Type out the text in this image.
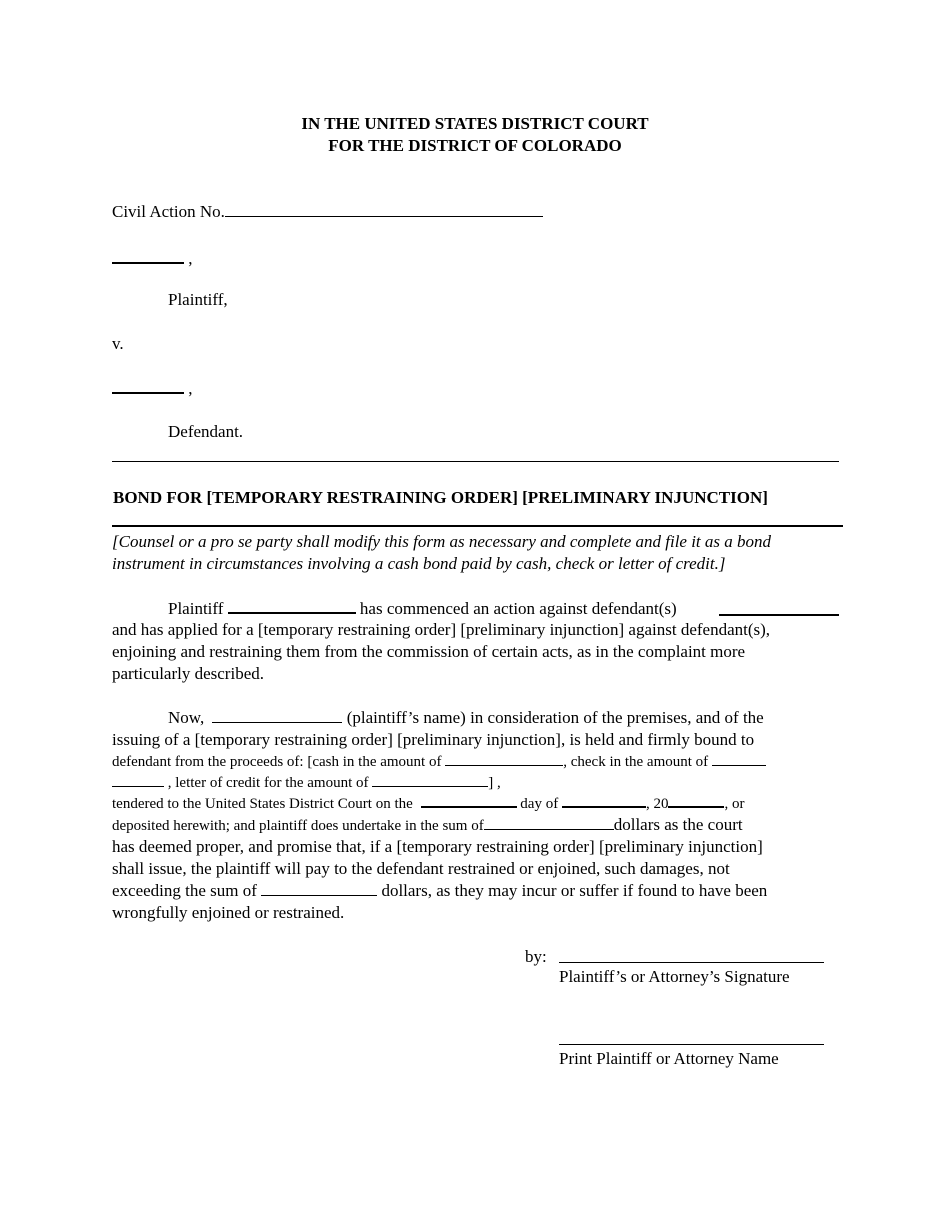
IN THE UNITED STATES DISTRICT COURT
FOR THE DISTRICT OF COLORADO
Civil Action No.
,
Plaintiff,
v.
,
Defendant.
BOND FOR [TEMPORARY RESTRAINING ORDER] [PRELIMINARY INJUNCTION]
[Counsel or a pro se party shall modify this form as necessary and complete and file it as a bond
instrument in circumstances involving a cash bond paid by cash, check or letter of credit.]
Plaintiff	has commenced an action against defendant(s)
and has applied for a [temporary restraining order] [preliminary injunction] against defendant(s),
enjoining and restraining them from the commission of certain acts, as in the complaint more
particularly described.
Now,	(plaintiff’s name) in consideration of the premises, and of the
issuing of a [temporary restraining order] [preliminary injunction], is held and firmly bound to
defendant from the proceeds of: [cash in the amount of	, check in the amount of
, letter of credit for the amount of	] ,
tendered to the United States District Court on the	day of	, 20	, or
deposited herewith; and plaintiff does undertake in the sum of	dollars as the court
has deemed proper, and promise that, if a [temporary restraining order] [preliminary injunction]
shall issue, the plaintiff will pay to the defendant restrained or enjoined, such damages, not
exceeding the sum of	dollars, as they may incur or suffer if found to have been
wrongfully enjoined or restrained.
by:
Plaintiff’s or Attorney’s Signature
Print Plaintiff or Attorney Name
